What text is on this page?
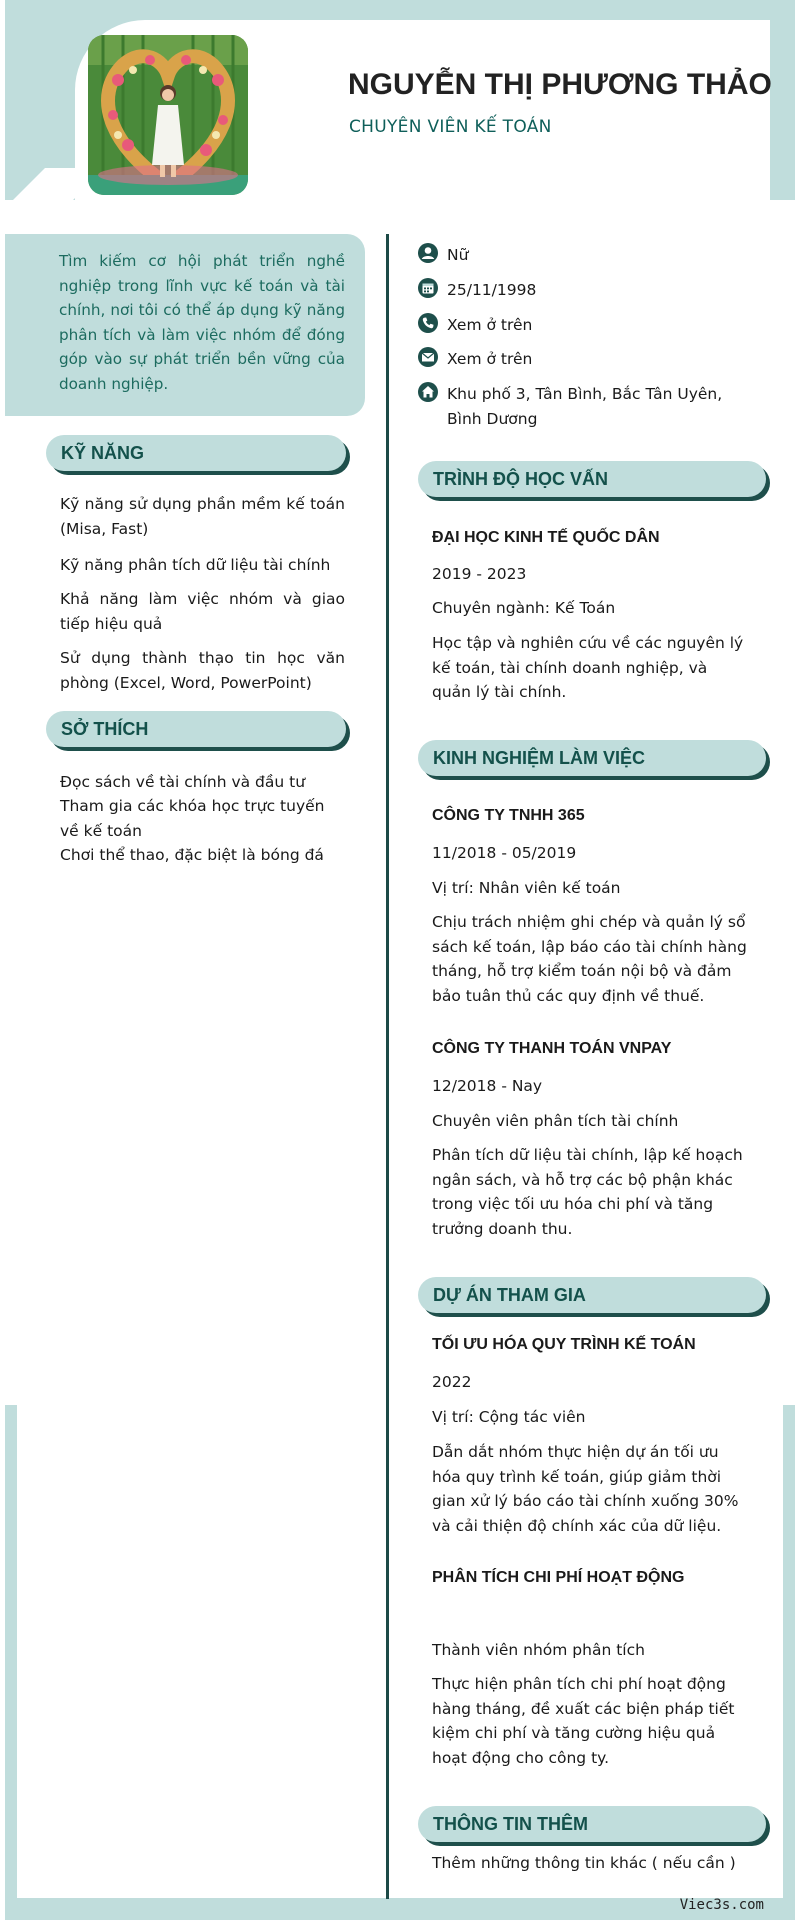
NGUYỄN THỊ PHƯƠNG THẢO
CHUYÊN VIÊN KẾ TOÁN
Tìm kiếm cơ hội phát triển nghề nghiệp trong lĩnh vực kế toán và tài chính, nơi tôi có thể áp dụng kỹ năng phân tích và làm việc nhóm để đóng góp vào sự phát triển bền vững của doanh nghiệp.
KỸ NĂNG
Kỹ năng sử dụng phần mềm kế toán (Misa, Fast)
Kỹ năng phân tích dữ liệu tài chính
Khả năng làm việc nhóm và giao tiếp hiệu quả
Sử dụng thành thạo tin học văn phòng (Excel, Word, PowerPoint)
SỞ THÍCH
Đọc sách về tài chính và đầu tư
Tham gia các khóa học trực tuyến về kế toán
Chơi thể thao, đặc biệt là bóng đá
Nữ
25/11/1998
Xem ở trên
Xem ở trên
Khu phố 3, Tân Bình, Bắc Tân Uyên, Bình Dương
TRÌNH ĐỘ HỌC VẤN
ĐẠI HỌC KINH TẾ QUỐC DÂN
2019 - 2023
Chuyên ngành: Kế Toán
Học tập và nghiên cứu về các nguyên lý kế toán, tài chính doanh nghiệp, và quản lý tài chính.
KINH NGHIỆM LÀM VIỆC
CÔNG TY TNHH 365
11/2018 - 05/2019
Vị trí: Nhân viên kế toán
Chịu trách nhiệm ghi chép và quản lý sổ sách kế toán, lập báo cáo tài chính hàng tháng, hỗ trợ kiểm toán nội bộ và đảm bảo tuân thủ các quy định về thuế.
CÔNG TY THANH TOÁN VNPAY
12/2018 - Nay
Chuyên viên phân tích tài chính
Phân tích dữ liệu tài chính, lập kế hoạch ngân sách, và hỗ trợ các bộ phận khác trong việc tối ưu hóa chi phí và tăng trưởng doanh thu.
DỰ ÁN THAM GIA
TỐI ƯU HÓA QUY TRÌNH KẾ TOÁN
2022
Vị trí: Cộng tác viên
Dẫn dắt nhóm thực hiện dự án tối ưu hóa quy trình kế toán, giúp giảm thời gian xử lý báo cáo tài chính xuống 30% và cải thiện độ chính xác của dữ liệu.
PHÂN TÍCH CHI PHÍ HOẠT ĐỘNG
Thành viên nhóm phân tích
Thực hiện phân tích chi phí hoạt động hàng tháng, đề xuất các biện pháp tiết kiệm chi phí và tăng cường hiệu quả hoạt động cho công ty.
THÔNG TIN THÊM
Thêm những thông tin khác ( nếu cần )
Viec3s.com
